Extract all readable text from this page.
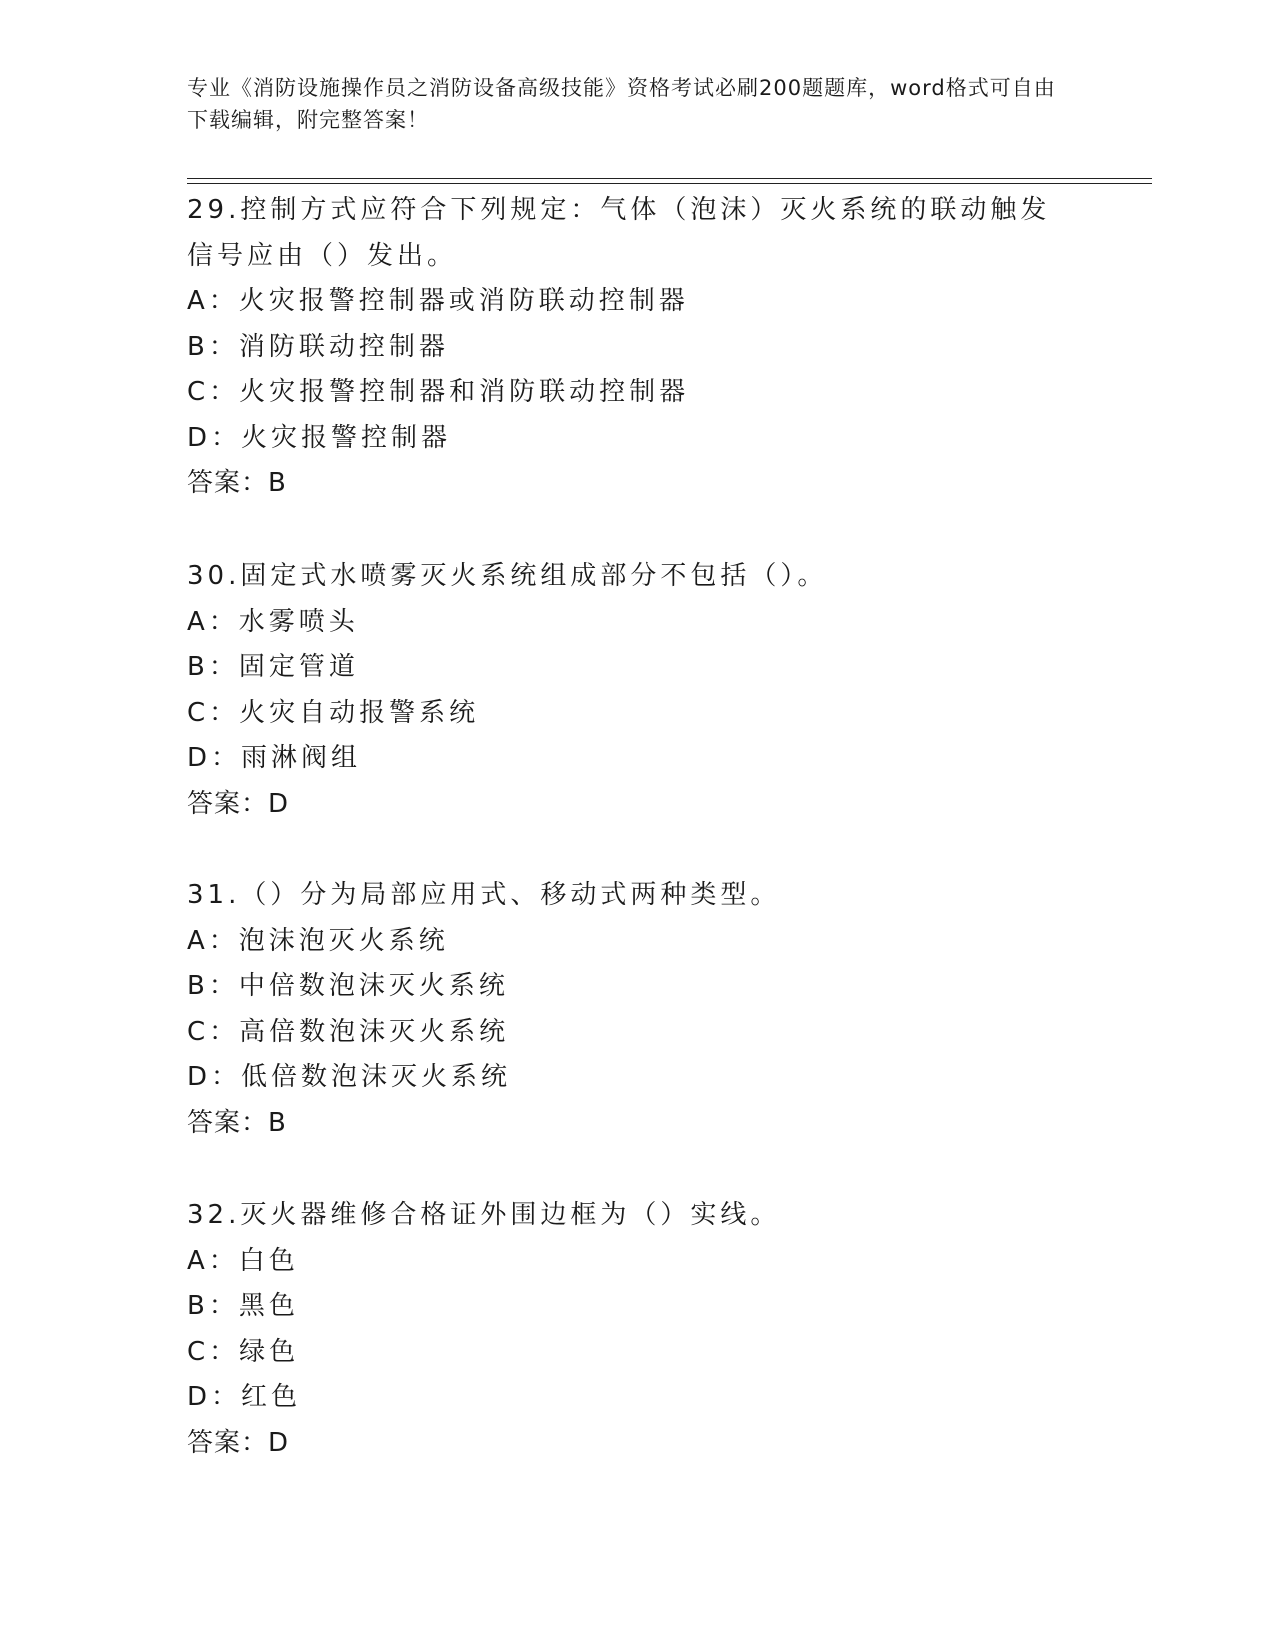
专业《消防设施操作员之消防设备高级技能》资格考试必刷200题题库，word格式可自由下载编辑，附完整答案！
29.控制方式应符合下列规定：气体（泡沫）灭火系统的联动触发信号应由（）发出。
A：火灾报警控制器或消防联动控制器
B：消防联动控制器
C：火灾报警控制器和消防联动控制器
D：火灾报警控制器
答案：B
30.固定式水喷雾灭火系统组成部分不包括（）。
A：水雾喷头
B：固定管道
C：火灾自动报警系统
D：雨淋阀组
答案：D
31.（）分为局部应用式、移动式两种类型。
A：泡沫泡灭火系统
B：中倍数泡沫灭火系统
C：高倍数泡沫灭火系统
D：低倍数泡沫灭火系统
答案：B
32.灭火器维修合格证外围边框为（）实线。
A：白色
B：黑色
C：绿色
D：红色
答案：D
